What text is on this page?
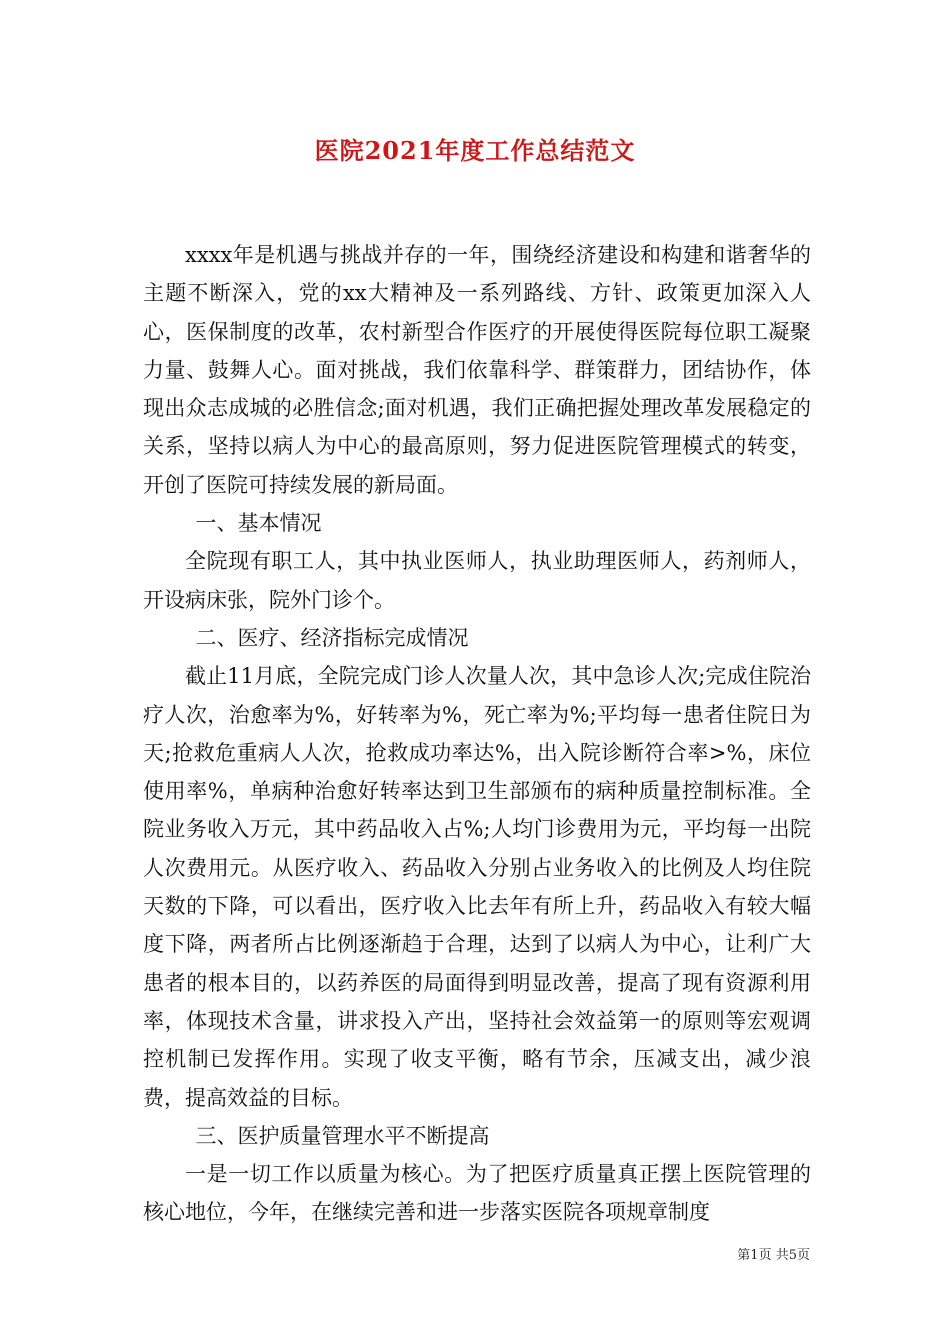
医院2021年度工作总结范文

xxxx年是机遇与挑战并存的一年，围绕经济建设和构建和谐奢华的主题不断深入，党的xx大精神及一系列路线、方针、政策更加深入人心，医保制度的改革，农村新型合作医疗的开展使得医院每位职工凝聚力量、鼓舞人心。面对挑战，我们依靠科学、群策群力，团结协作，体现出众志成城的必胜信念;面对机遇，我们正确把握处理改革发展稳定的关系，坚持以病人为中心的最高原则，努力促进医院管理模式的转变，开创了医院可持续发展的新局面。

一、基本情况

全院现有职工人，其中执业医师人，执业助理医师人，药剂师人，开设病床张，院外门诊个。

二、医疗、经济指标完成情况

截止11月底，全院完成门诊人次量人次，其中急诊人次;完成住院治疗人次，治愈率为%，好转率为%，死亡率为%;平均每一患者住院日为天;抢救危重病人人次，抢救成功率达%，出入院诊断符合率>%，床位使用率%，单病种治愈好转率达到卫生部颁布的病种质量控制标准。全院业务收入万元，其中药品收入占%;人均门诊费用为元，平均每一出院人次费用元。从医疗收入、药品收入分别占业务收入的比例及人均住院天数的下降，可以看出，医疗收入比去年有所上升，药品收入有较大幅度下降，两者所占比例逐渐趋于合理，达到了以病人为中心，让利广大患者的根本目的，以药养医的局面得到明显改善，提高了现有资源利用率，体现技术含量，讲求投入产出，坚持社会效益第一的原则等宏观调控机制已发挥作用。实现了收支平衡，略有节余，压减支出，减少浪费，提高效益的目标。

三、医护质量管理水平不断提高

一是一切工作以质量为核心。为了把医疗质量真正摆上医院管理的核心地位，今年，在继续完善和进一步落实医院各项规章制度

第1页 共5页
